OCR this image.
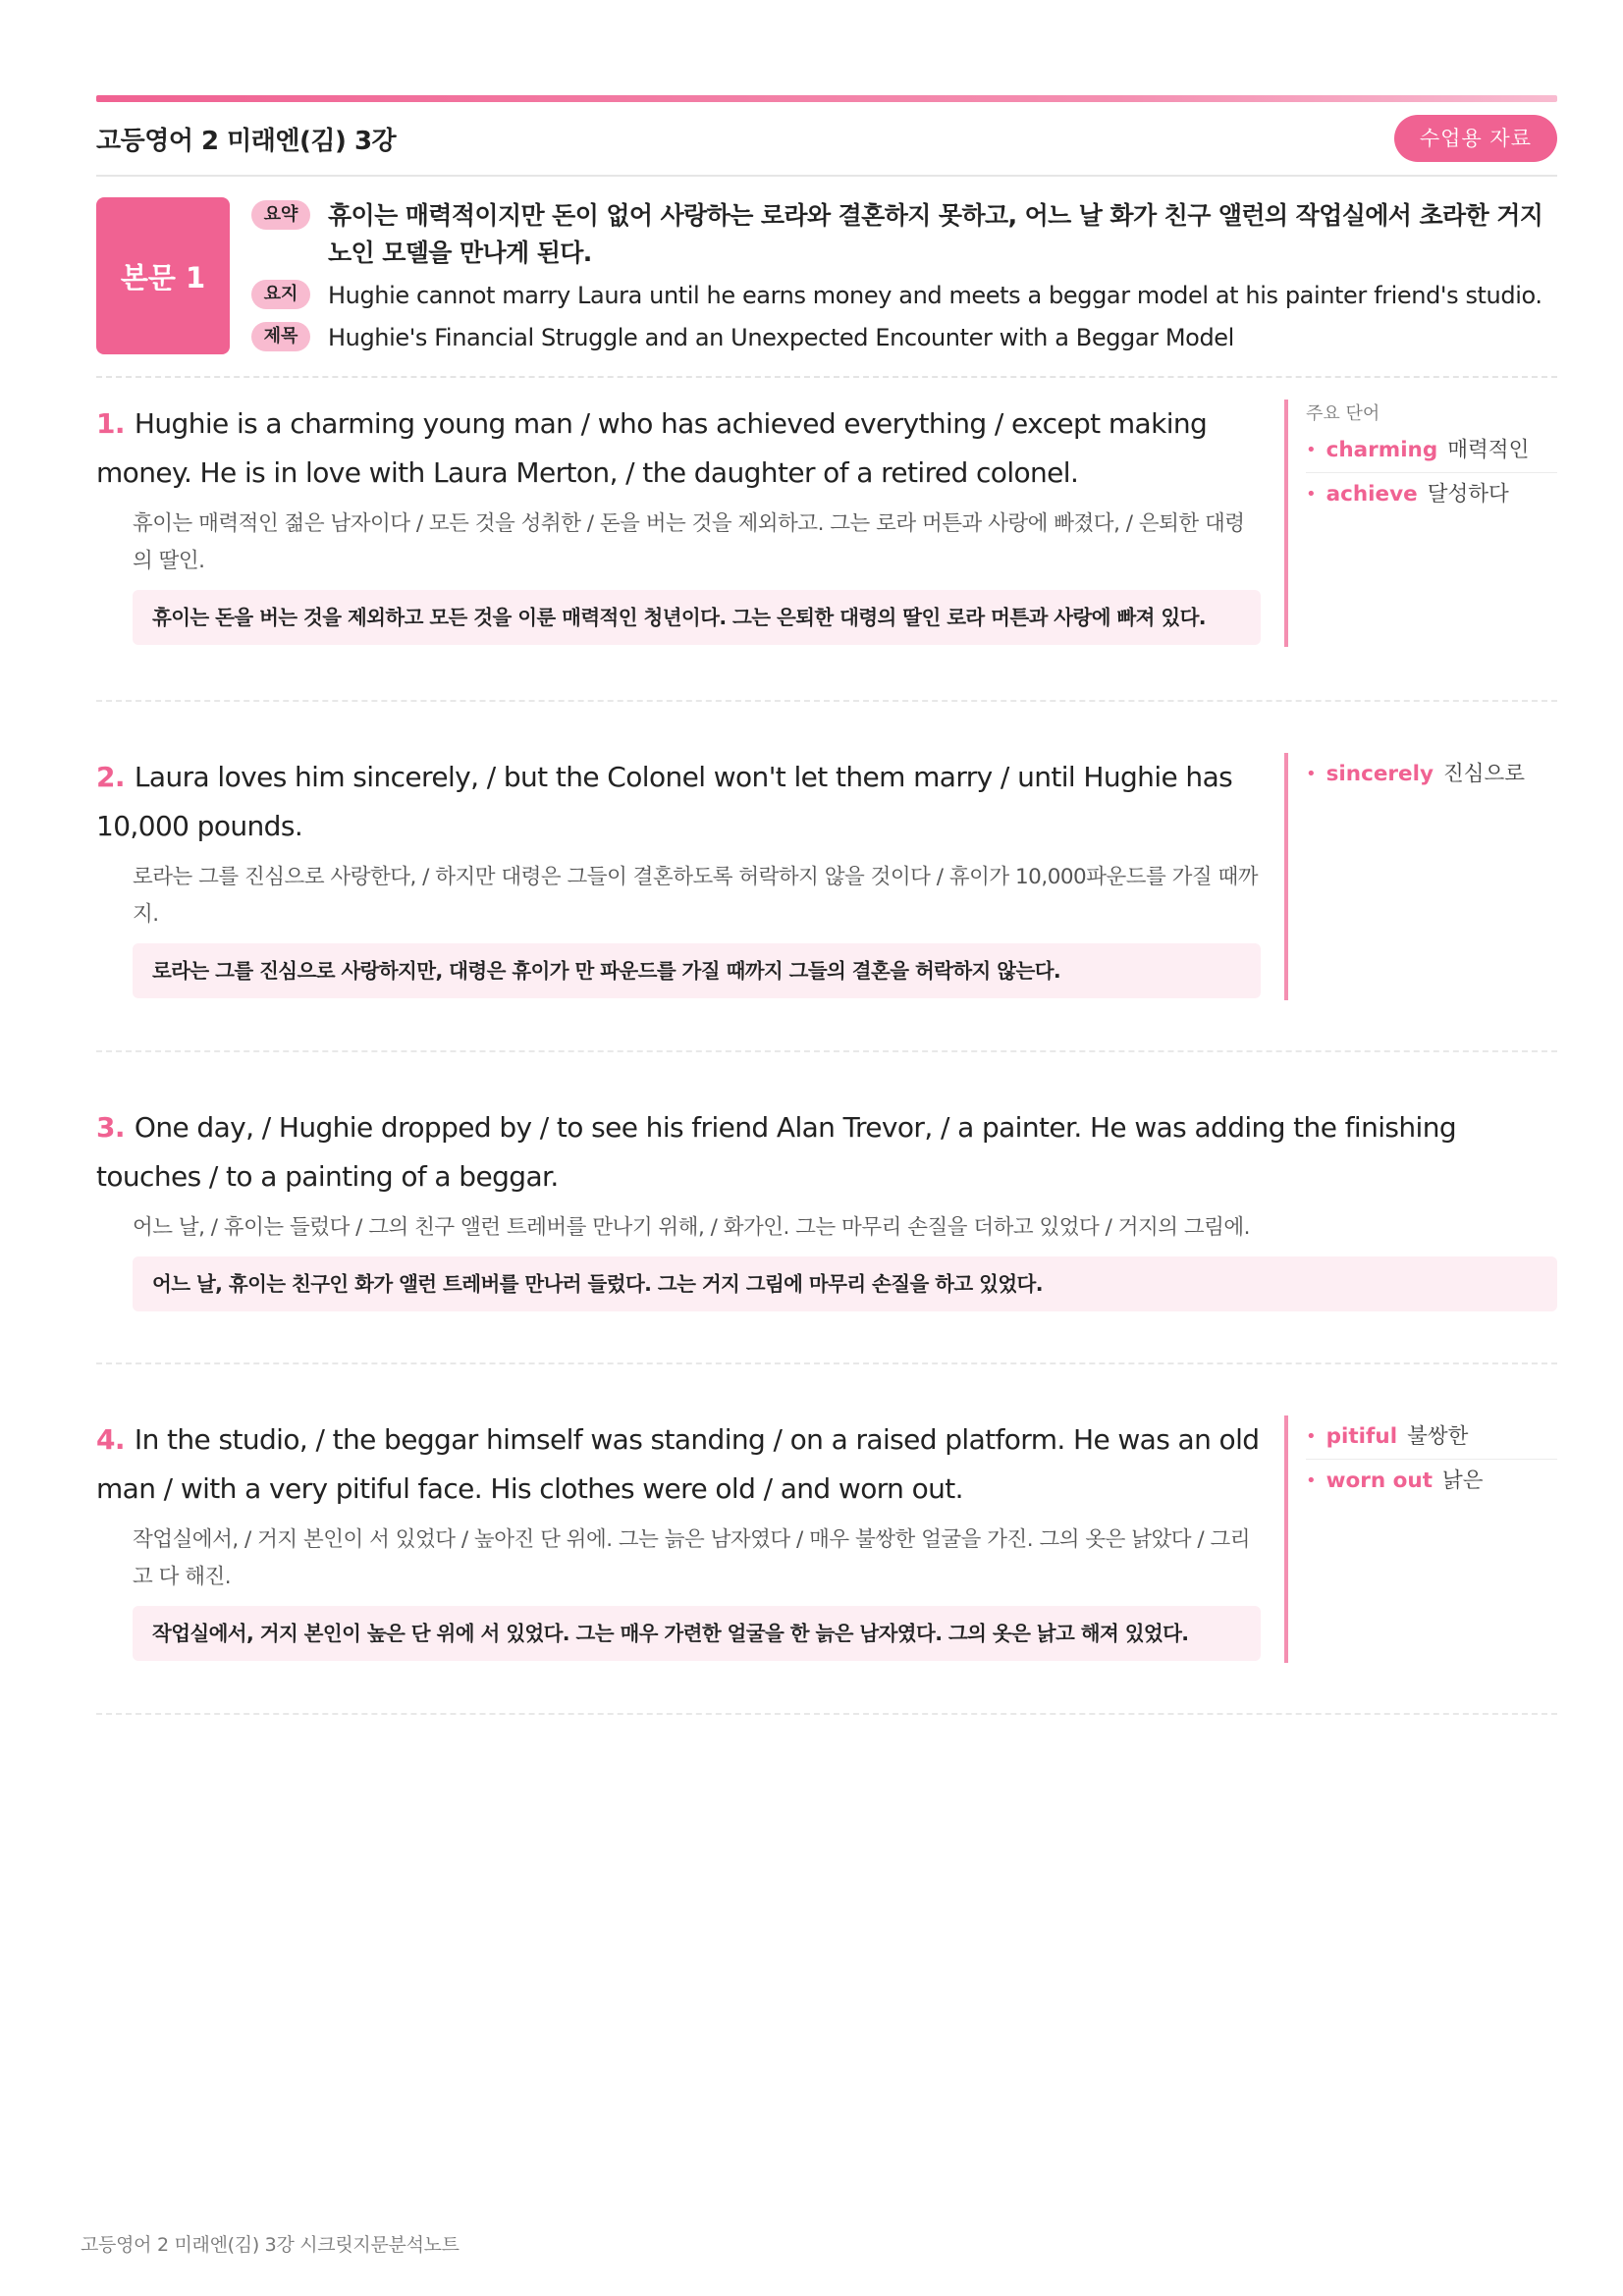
고등영어 2 미래엔(김) 3강	수업용 자료
본문 1
요약	휴이는 매력적이지만 돈이 없어 사랑하는 로라와 결혼하지 못하고, 어느 날 화가 친구 앨런의 작업실에서 초라한 거지 노인 모델을 만나게 된다.
요지	Hughie cannot marry Laura until he earns money and meets a beggar model at his painter friend's studio.
제목	Hughie's Financial Struggle and an Unexpected Encounter with a Beggar Model
1. Hughie is a charming young man / who has achieved everything / except making money. He is in love with Laura Merton, / the daughter of a retired colonel.
휴이는 매력적인 젊은 남자이다 / 모든 것을 성취한 / 돈을 버는 것을 제외하고. 그는 로라 머튼과 사랑에 빠졌다, / 은퇴한 대령의 딸인.
휴이는 돈을 버는 것을 제외하고 모든 것을 이룬 매력적인 청년이다. 그는 은퇴한 대령의 딸인 로라 머튼과 사랑에 빠져 있다.
주요 단어
• charming 매력적인
• achieve 달성하다
2. Laura loves him sincerely, / but the Colonel won't let them marry / until Hughie has 10,000 pounds.
로라는 그를 진심으로 사랑한다, / 하지만 대령은 그들이 결혼하도록 허락하지 않을 것이다 / 휴이가 10,000파운드를 가질 때까지.
로라는 그를 진심으로 사랑하지만, 대령은 휴이가 만 파운드를 가질 때까지 그들의 결혼을 허락하지 않는다.
• sincerely 진심으로
3. One day, / Hughie dropped by / to see his friend Alan Trevor, / a painter. He was adding the finishing touches / to a painting of a beggar.
어느 날, / 휴이는 들렀다 / 그의 친구 앨런 트레버를 만나기 위해, / 화가인. 그는 마무리 손질을 더하고 있었다 / 거지의 그림에.
어느 날, 휴이는 친구인 화가 앨런 트레버를 만나러 들렀다. 그는 거지 그림에 마무리 손질을 하고 있었다.
4. In the studio, / the beggar himself was standing / on a raised platform. He was an old man / with a very pitiful face. His clothes were old / and worn out.
작업실에서, / 거지 본인이 서 있었다 / 높아진 단 위에. 그는 늙은 남자였다 / 매우 불쌍한 얼굴을 가진. 그의 옷은 낡았다 / 그리고 다 해진.
작업실에서, 거지 본인이 높은 단 위에 서 있었다. 그는 매우 가련한 얼굴을 한 늙은 남자였다. 그의 옷은 낡고 해져 있었다.
• pitiful 불쌍한
• worn out 낡은
고등영어 2 미래엔(김) 3강 시크릿지문분석노트
